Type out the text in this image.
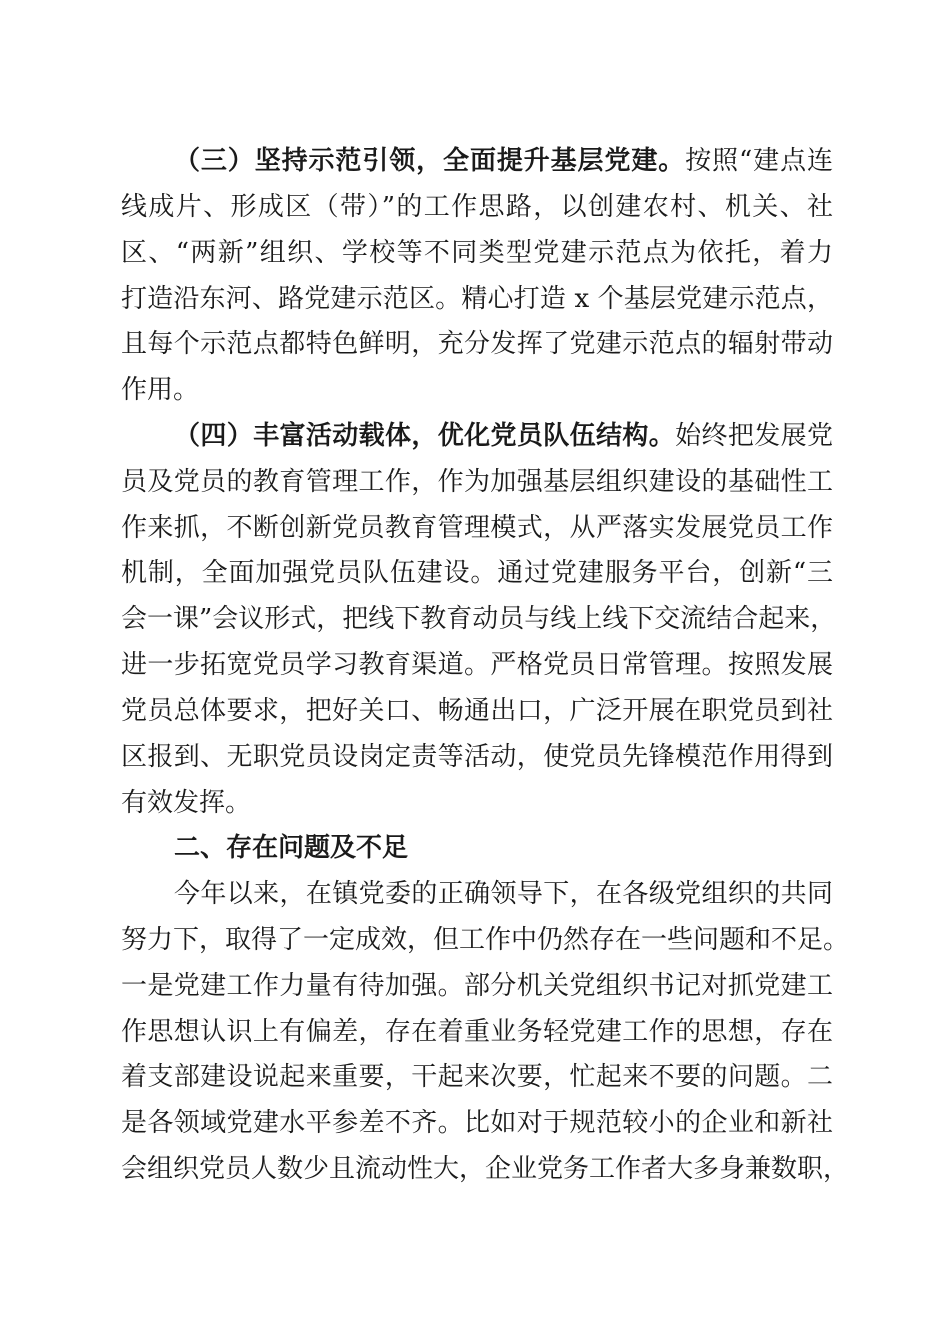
（三）坚持示范引领，全面提升基层党建。按照“建点连
线成片、形成区（带）”的工作思路，以创建农村、机关、社
区、“两新”组织、学校等不同类型党建示范点为依托，着力
打造沿东河、路党建示范区。精心打造 x 个基层党建示范点，
且每个示范点都特色鲜明，充分发挥了党建示范点的辐射带动
作用。
（四）丰富活动载体，优化党员队伍结构。始终把发展党
员及党员的教育管理工作，作为加强基层组织建设的基础性工
作来抓，不断创新党员教育管理模式，从严落实发展党员工作
机制，全面加强党员队伍建设。通过党建服务平台，创新“三
会一课”会议形式，把线下教育动员与线上线下交流结合起来，
进一步拓宽党员学习教育渠道。严格党员日常管理。按照发展
党员总体要求，把好关口、畅通出口，广泛开展在职党员到社
区报到、无职党员设岗定责等活动，使党员先锋模范作用得到
有效发挥。
二、存在问题及不足
今年以来，在镇党委的正确领导下，在各级党组织的共同
努力下，取得了一定成效，但工作中仍然存在一些问题和不足。
一是党建工作力量有待加强。部分机关党组织书记对抓党建工
作思想认识上有偏差，存在着重业务轻党建工作的思想，存在
着支部建设说起来重要，干起来次要，忙起来不要的问题。二
是各领域党建水平参差不齐。比如对于规范较小的企业和新社
会组织党员人数少且流动性大，企业党务工作者大多身兼数职，
